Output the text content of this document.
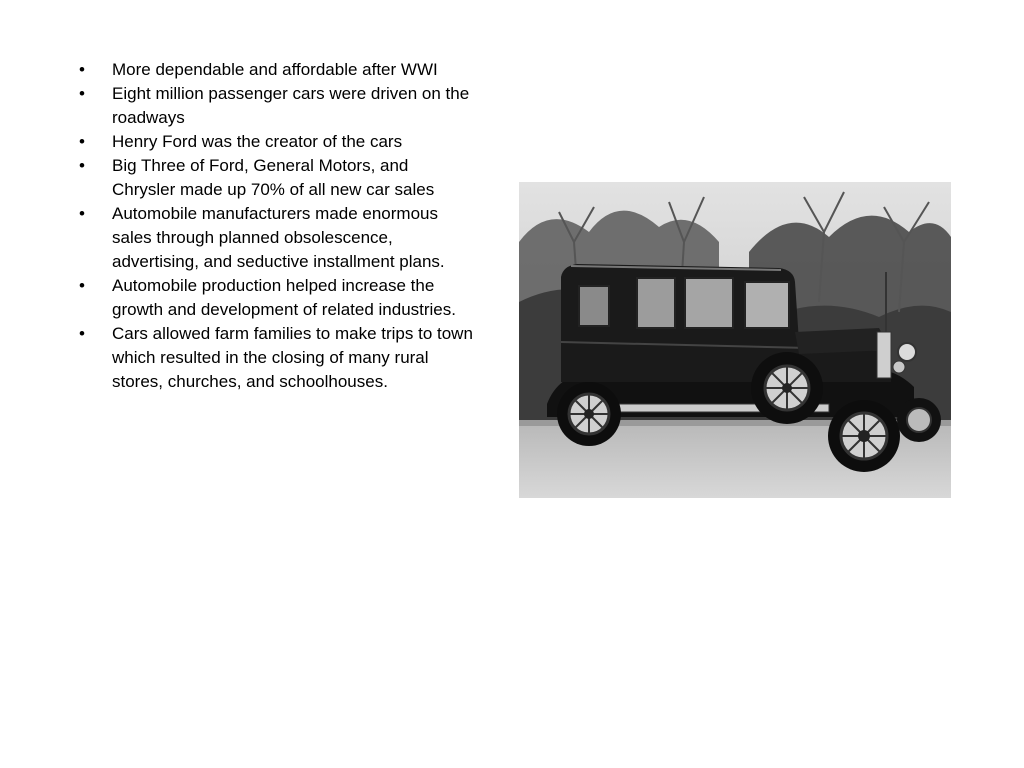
•	More dependable and affordable after WWI
•	Eight million passenger cars were driven on the roadways
•	Henry Ford was the creator of the cars
•	Big Three of Ford, General Motors, and Chrysler made up 70% of all new car sales
•	Automobile manufacturers made enormous sales through planned obsolescence, advertising, and seductive installment plans.
•	Automobile production helped increase the growth and development of related industries.
•	Cars allowed farm families to make trips to town which resulted in the closing of many rural stores, churches, and schoolhouses.
